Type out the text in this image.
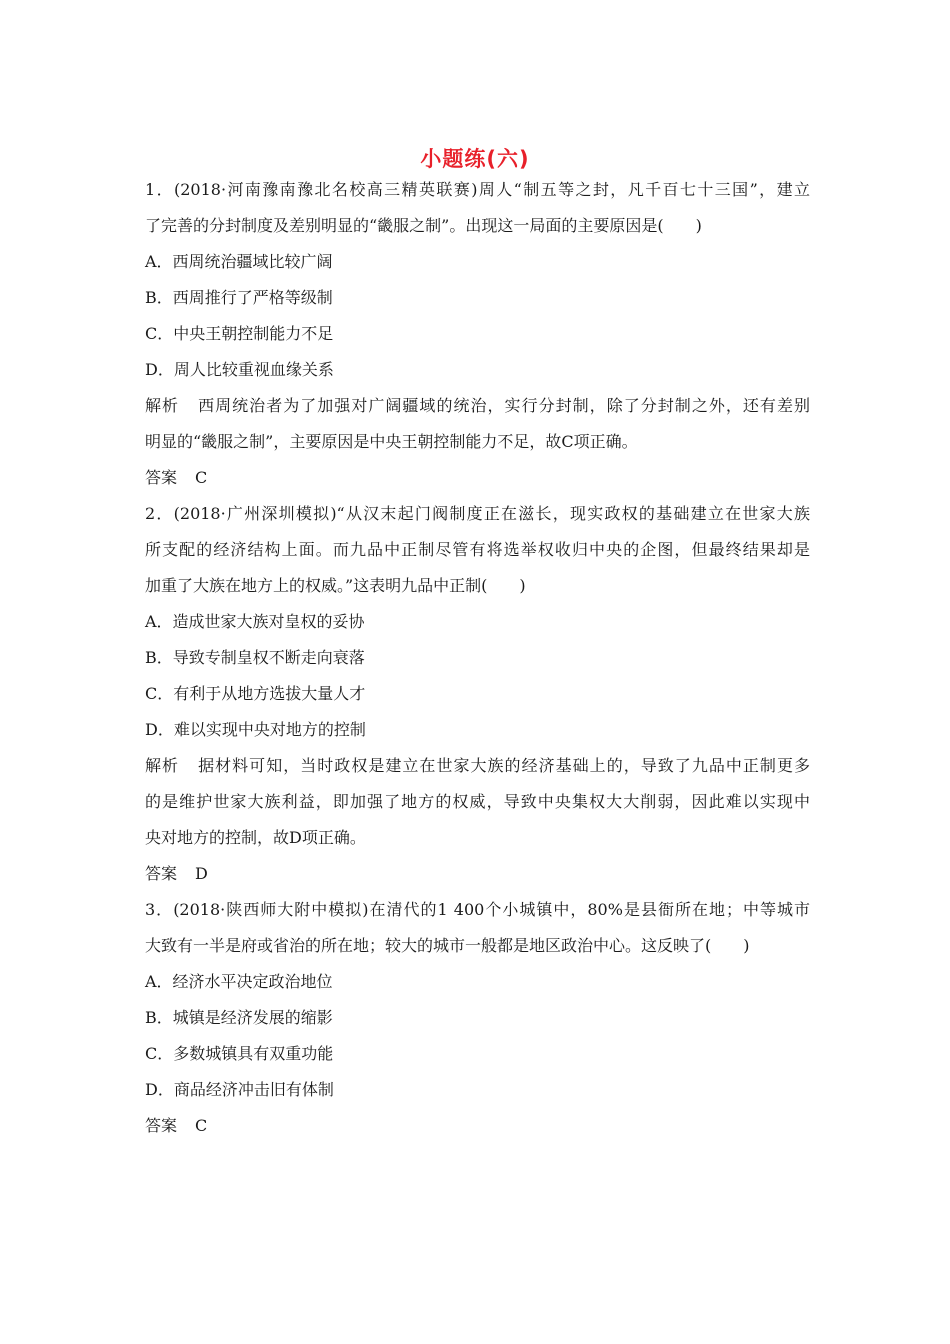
小题练(六)
1．(2018·河南豫南豫北名校高三精英联赛)周人“制五等之封，凡千百七十三国”，建立
了完善的分封制度及差别明显的“畿服之制”。出现这一局面的主要原因是(　　)
A．西周统治疆域比较广阔
B．西周推行了严格等级制
C．中央王朝控制能力不足
D．周人比较重视血缘关系
解析 西周统治者为了加强对广阔疆域的统治，实行分封制，除了分封制之外，还有差别
明显的“畿服之制”，主要原因是中央王朝控制能力不足，故C项正确。
答案 C
2．(2018·广州深圳模拟)“从汉末起门阀制度正在滋长，现实政权的基础建立在世家大族
所支配的经济结构上面。而九品中正制尽管有将选举权收归中央的企图，但最终结果却是
加重了大族在地方上的权威。”这表明九品中正制(　　)
A．造成世家大族对皇权的妥协
B．导致专制皇权不断走向衰落
C．有利于从地方选拔大量人才
D．难以实现中央对地方的控制
解析 据材料可知，当时政权是建立在世家大族的经济基础上的，导致了九品中正制更多
的是维护世家大族利益，即加强了地方的权威，导致中央集权大大削弱，因此难以实现中
央对地方的控制，故D项正确。
答案 D
3．(2018·陕西师大附中模拟)在清代的1 400个小城镇中，80%是县衙所在地；中等城市
大致有一半是府或省治的所在地；较大的城市一般都是地区政治中心。这反映了(　　)
A．经济水平决定政治地位
B．城镇是经济发展的缩影
C．多数城镇具有双重功能
D．商品经济冲击旧有体制
答案 C
